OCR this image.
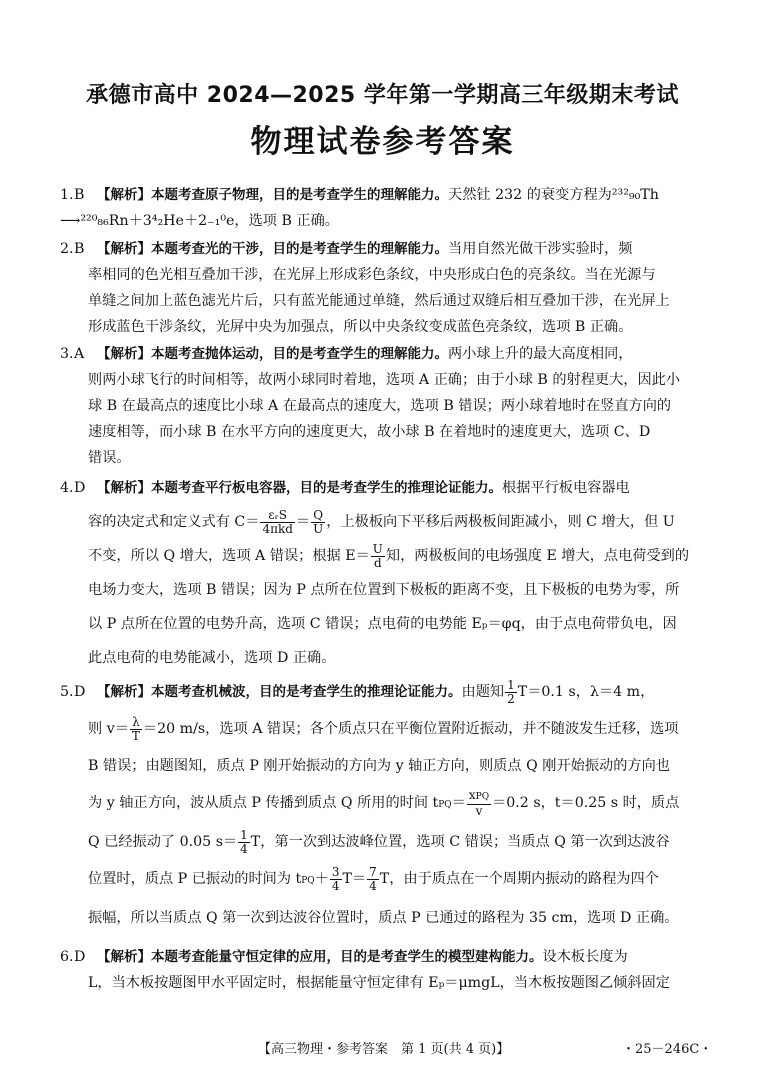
承德市高中 2024—2025 学年第一学期高三年级期末考试
物理试卷参考答案
1.B 【解析】本题考查原子物理，目的是考查学生的理解能力。天然钍 232 的衰变方程为²³²₉₀Th
⟶²²⁰₈₆Rn＋3⁴₂He＋2₋₁⁰e，选项 B 正确。
2.B 【解析】本题考查光的干涉，目的是考查学生的理解能力。当用自然光做干涉实验时，频
率相同的色光相互叠加干涉，在光屏上形成彩色条纹，中央形成白色的亮条纹。当在光源与
单缝之间加上蓝色滤光片后，只有蓝光能通过单缝，然后通过双缝后相互叠加干涉，在光屏上
形成蓝色干涉条纹，光屏中央为加强点，所以中央条纹变成蓝色亮条纹，选项 B 正确。
3.A 【解析】本题考查抛体运动，目的是考查学生的理解能力。两小球上升的最大高度相同，
则两小球飞行的时间相等，故两小球同时着地，选项 A 正确；由于小球 B 的射程更大，因此小
球 B 在最高点的速度比小球 A 在最高点的速度大，选项 B 错误；两小球着地时在竖直方向的
速度相等，而小球 B 在水平方向的速度更大，故小球 B 在着地时的速度更大，选项 C、D
错误。
4.D 【解析】本题考查平行板电容器，目的是考查学生的推理论证能力。根据平行板电容器电
容的决定式和定义式有 $C= \frac{\text{εᵣS}}{\text{4πkd}} = \frac{Q}{U}$ ，上极板向下平移后两极板间距减小，则 C 增大，但 U
不变，所以 Q 增大，选项 A 错误；根据 $E= \frac{U}{d}$ 知，两极板间的电场强度 E 增大，点电荷受到的
电场力变大，选项 B 错误；因为 P 点所在位置到下极板的距离不变，且下极板的电势为零，所
以 P 点所在位置的电势升高，选项 C 错误；点电荷的电势能 Eₚ＝φq，由于点电荷带负电，因
此点电荷的电势能减小，选项 D 正确。
5.D 【解析】本题考查机械波，目的是考查学生的推理论证能力。由题知 $\frac{1}{2} T=0.1$ s，λ＝4 m，
则 $v= \frac{\lambda}{T} =20$ m/s，选项 A 错误；各个质点只在平衡位置附近振动，并不随波发生迁移，选项
B 错误；由题图知，质点 P 刚开始振动的方向为 y 轴正方向，则质点 Q 刚开始振动的方向也
为 y 轴正方向，波从质点 P 传播到质点 Q 所用的时间 $tPQ= \frac{\text{xPQ}}{v} =0.2$ s，t＝0.25 s 时，质点
Q 已经振动了 0.05 $s= \frac{1}{4}$ T，第一次到达波峰位置，选项 C 错误；当质点 Q 第一次到达波谷
位置时，质点 P 已振动的时间为 $tPQ+ \frac{3}{4} T= \frac{7}{4}$ T，由于质点在一个周期内振动的路程为四个
振幅，所以当质点 Q 第一次到达波谷位置时，质点 P 已通过的路程为 35 cm，选项 D 正确。
6.D 【解析】本题考查能量守恒定律的应用，目的是考查学生的模型建构能力。设木板长度为
L，当木板按题图甲水平固定时，根据能量守恒定律有 Eₚ＝μmgL，当木板按题图乙倾斜固定
【高三物理・参考答案　第 1 页(共 4 页)】	・25－246C・
